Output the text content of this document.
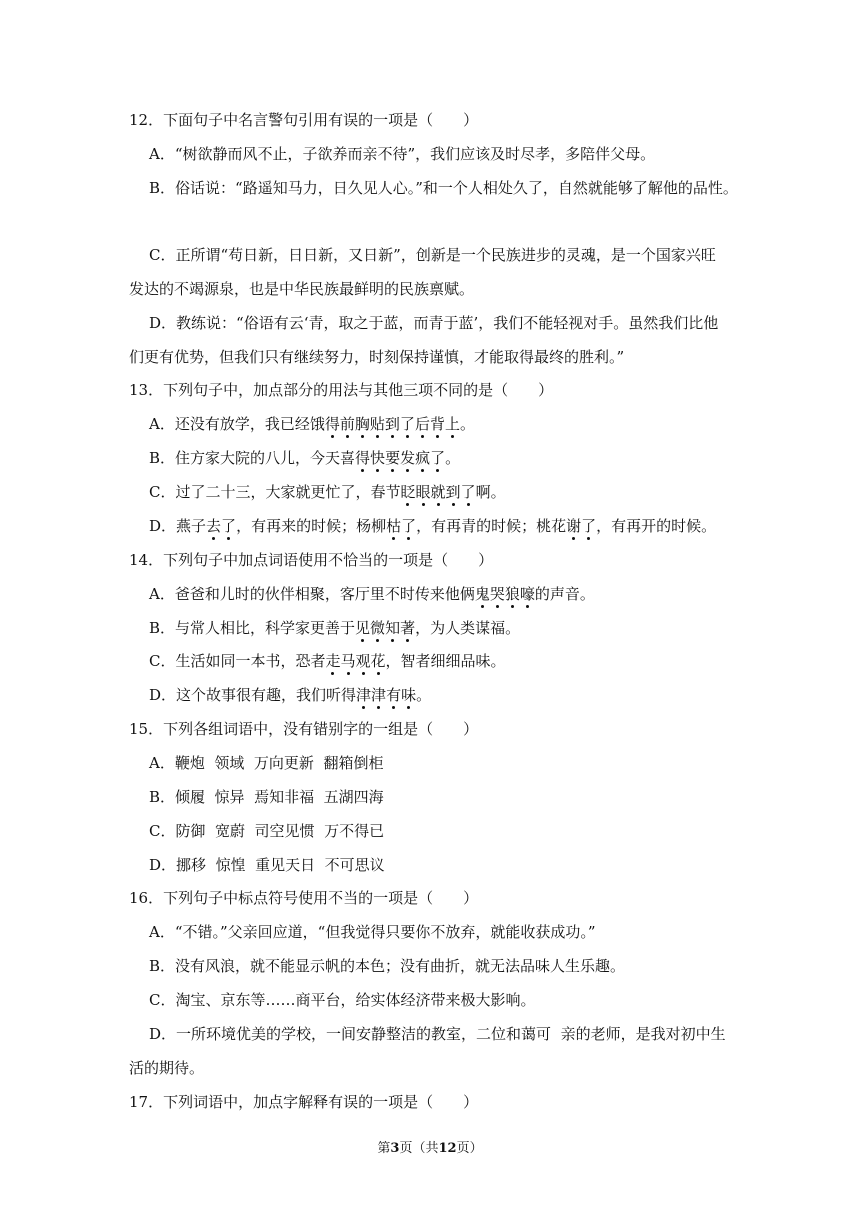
12．下面句子中名言警句引用有误的一项是（　　）
A．“树欲静而风不止，子欲养而亲不待”，我们应该及时尽孝，多陪伴父母。
B．俗话说：“路遥知马力，日久见人心。”和一个人相处久了，自然就能够了解他的品性。
C．正所谓“苟日新，日日新，又日新”，创新是一个民族进步的灵魂，是一个国家兴旺
发达的不竭源泉，也是中华民族最鲜明的民族禀赋。
D．教练说：“俗语有云‘青，取之于蓝，而青于蓝’，我们不能轻视对手。虽然我们比他
们更有优势，但我们只有继续努力，时刻保持谨慎，才能取得最终的胜利。”
13．下列句子中，加点部分的用法与其他三项不同的是（　　）
A．还没有放学，我已经饿得前胸贴到了后背上。
B．住方家大院的八儿，今天喜得快要发疯了。
C．过了二十三，大家就更忙了，春节眨眼就到了啊。
D．燕子去了，有再来的时候；杨柳枯了，有再青的时候；桃花谢了，有再开的时候。
14．下列句子中加点词语使用不恰当的一项是（　　）
A．爸爸和儿时的伙伴相聚，客厅里不时传来他俩鬼哭狼嚎的声音。
B．与常人相比，科学家更善于见微知著，为人类谋福。
C．生活如同一本书，恐者走马观花，智者细细品味。
D．这个故事很有趣，我们听得津津有味。
15．下列各组词语中，没有错别字的一组是（　　）
A．鞭炮  领域  万向更新  翻箱倒柜
B．倾履  惊异  焉知非福  五湖四海
C．防御  宽蔚  司空见惯  万不得已
D．挪移  惊惶  重见天日  不可思议
16．下列句子中标点符号使用不当的一项是（　　）
A．“不错。”父亲回应道，“但我觉得只要你不放弃，就能收获成功。”
B．没有风浪，就不能显示帆的本色；没有曲折，就无法品味人生乐趣。
C．淘宝、京东等……商平台，给实体经济带来极大影响。
D．一所环境优美的学校，一间安静整洁的教室，二位和蔼可  亲的老师，是我对初中生
活的期待。
17．下列词语中，加点字解释有误的一项是（　　）
第3页（共12页）
